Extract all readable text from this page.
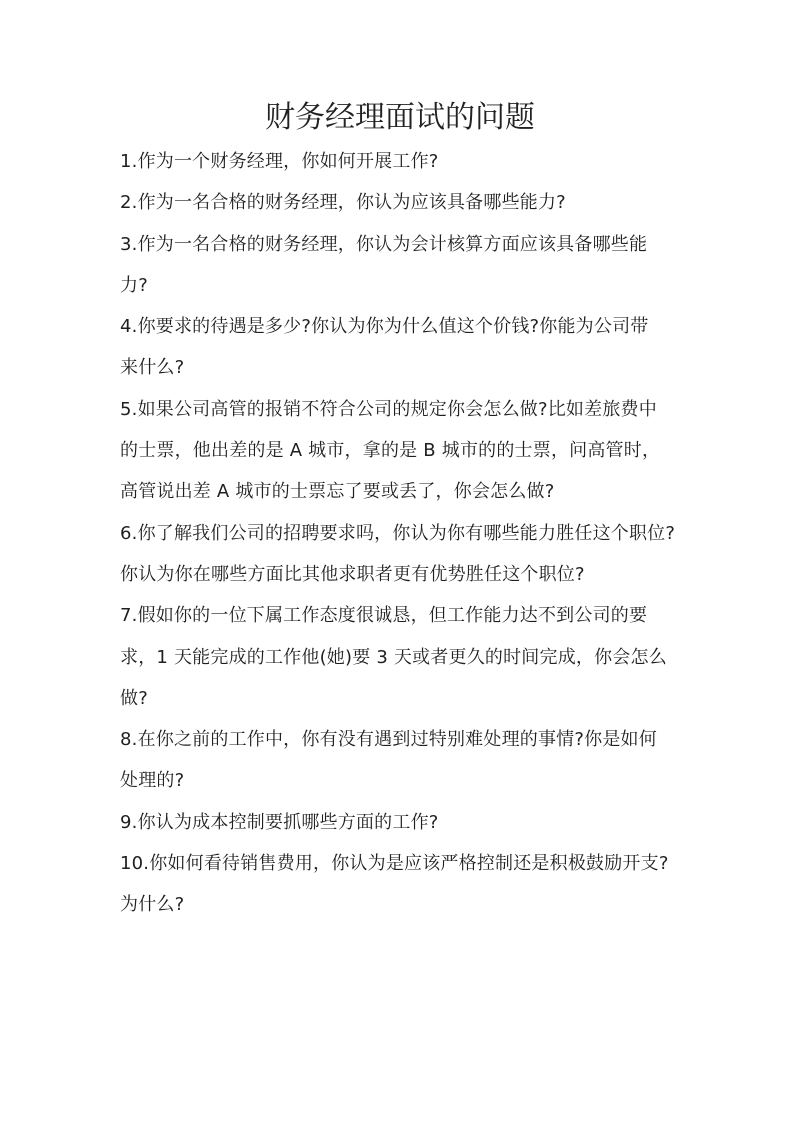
财务经理面试的问题
1.作为一个财务经理，你如何开展工作?
2.作为一名合格的财务经理，你认为应该具备哪些能力?
3.作为一名合格的财务经理，你认为会计核算方面应该具备哪些能
力?
4.你要求的待遇是多少?你认为你为什么值这个价钱?你能为公司带
来什么?
5.如果公司高管的报销不符合公司的规定你会怎么做?比如差旅费中
的士票，他出差的是 A 城市，拿的是 B 城市的的士票，问高管时，
高管说出差 A 城市的士票忘了要或丢了，你会怎么做?
6.你了解我们公司的招聘要求吗，你认为你有哪些能力胜任这个职位?
你认为你在哪些方面比其他求职者更有优势胜任这个职位?
7.假如你的一位下属工作态度很诚恳，但工作能力达不到公司的要
求，1 天能完成的工作他(她)要 3 天或者更久的时间完成，你会怎么
做?
8.在你之前的工作中，你有没有遇到过特别难处理的事情?你是如何
处理的?
9.你认为成本控制要抓哪些方面的工作?
10.你如何看待销售费用，你认为是应该严格控制还是积极鼓励开支?
为什么?
